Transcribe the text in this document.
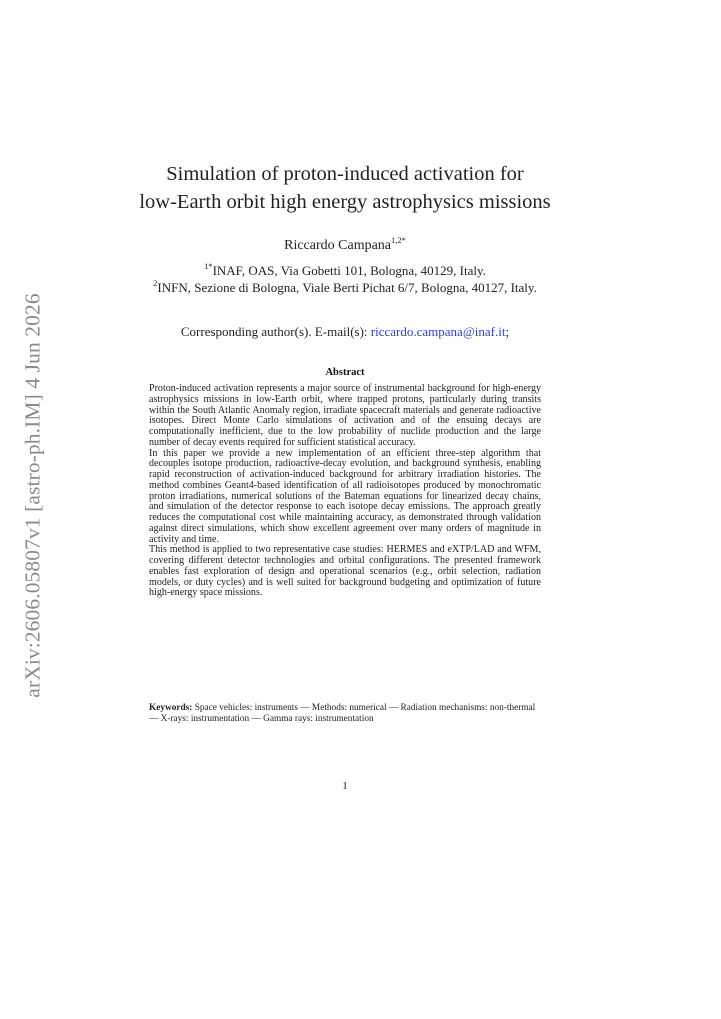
arXiv:2606.05807v1 [astro-ph.IM] 4 Jun 2026
Simulation of proton-induced activation for
low-Earth orbit high energy astrophysics missions
Riccardo Campana$^{1,2*}$
$^{1*}$INAF, OAS, Via Gobetti 101, Bologna, 40129, Italy.
$^2$INFN, Sezione di Bologna, Viale Berti Pichat 6/7, Bologna, 40127, Italy.
Corresponding author(s). E-mail(s): riccardo.campana@inaf.it;
Abstract

Proton-induced activation represents a major source of instrumental background for high-energy astrophysics missions in low-Earth orbit, where trapped protons, particularly during transits within the South Atlantic Anomaly region, irradiate spacecraft materials and generate radioactive isotopes. Direct Monte Carlo simulations of activation and of the ensuing decays are computationally inefficient, due to the low probability of nuclide production and the large number of decay events required for sufficient statistical accuracy.

In this paper we provide a new implementation of an efficient three-step algorithm that decouples isotope production, radioactive-decay evolution, and background synthesis, enabling rapid reconstruction of activation-induced background for arbitrary irradiation histories. The method combines Geant4-based identification of all radioisotopes produced by monochromatic proton irradiations, numerical solutions of the Bateman equations for linearized decay chains, and simulation of the detector response to each isotope decay emissions. The approach greatly reduces the computational cost while maintaining accuracy, as demonstrated through validation against direct simulations, which show excellent agreement over many orders of magnitude in activity and time.

This method is applied to two representative case studies: HERMES and eXTP/LAD and WFM, covering different detector technologies and orbital configurations. The presented framework enables fast exploration of design and operational scenarios (e.g., orbit selection, radiation models, or duty cycles) and is well suited for background budgeting and optimization of future high-energy space missions.

Keywords: Space vehicles: instruments — Methods: numerical — Radiation mechanisms: non-thermal — X-rays: instrumentation — Gamma rays: instrumentation
1
